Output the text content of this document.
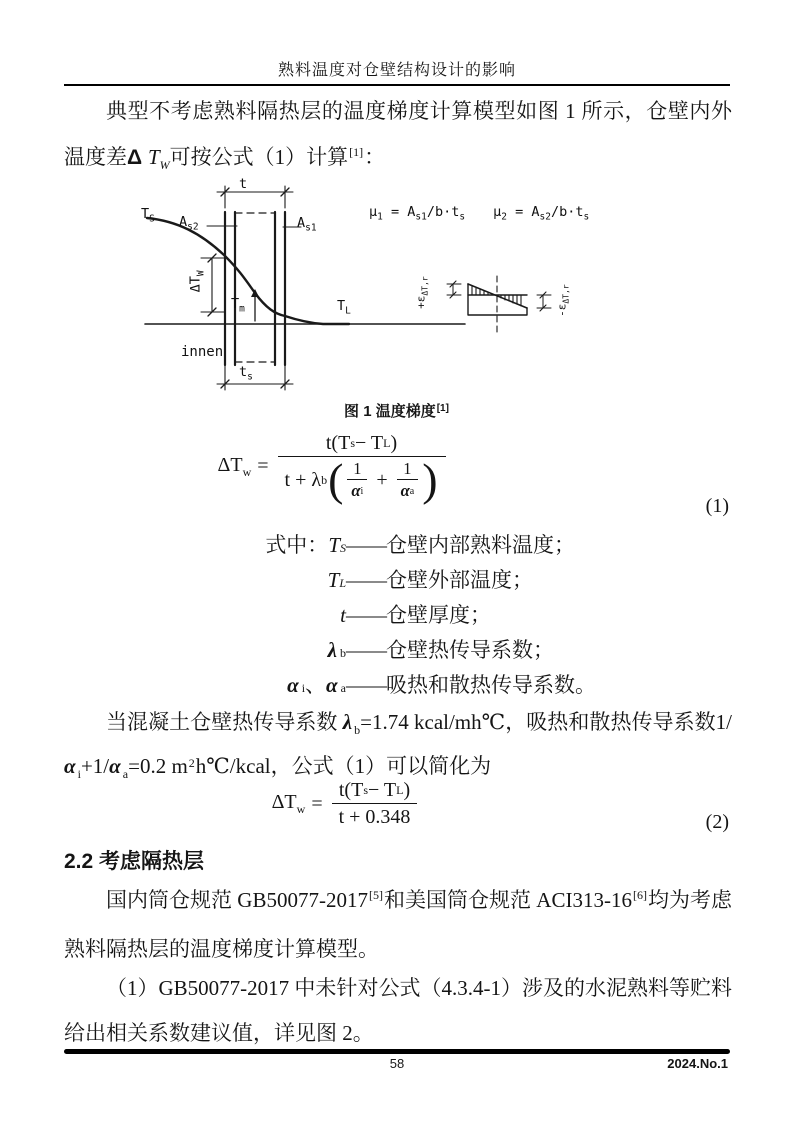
熟料温度对仓壁结构设计的影响

典型不考虑熟料隔热层的温度梯度计算模型如图 1 所示，仓壁内外温度差Δ $T_W$可按公式（1）计算[1]：

t
$T_S$ $A_{s2}$	$A_{s1}$
$\Delta T_W$
$T_m$	$T_L$
innen
$t_s$
$\mu_1 = A_{s1}/b\cdot t_s$ $\mu_2 = A_{s2}/b\cdot t_s$
$+\varepsilon_{\Delta T,r}$
$-\varepsilon_{\Delta T,r}$
图 1 温度梯度[1]
$\Delta T_w = \frac{\text{t(T s − T L )}}{t + \lambda b ( \frac{1}{\text{α i}} + \frac{1}{\text{α a}} )}$
(1)
式中： T S —— 仓壁内部熟料温度；
T L —— 仓壁外部温度；
t —— 仓壁厚度；
λ b —— 仓壁热传导系数；
α i 、 α a —— 吸热和散热传导系数。

当混凝土仓壁热传导系数 λ $_b$=1.74 kcal/mh℃，吸热和散热传导系数1/α $_i$+1/α $_a$=0.2 m$^2$h℃/kcal，公式（1）可以简化为

$\Delta T_w = \frac{\text{t(T s − T L )}}{t + 0.348}$	(2)
2.2 考虑隔热层

国内筒仓规范 GB50077-2017[5]和美国筒仓规范 ACI313-16[6]均为考虑熟料隔热层的温度梯度计算模型。

（1）GB50077-2017 中未针对公式（4.3.4-1）涉及的水泥熟料等贮料给出相关系数建议值，详见图 2。

58	2024.No.1
